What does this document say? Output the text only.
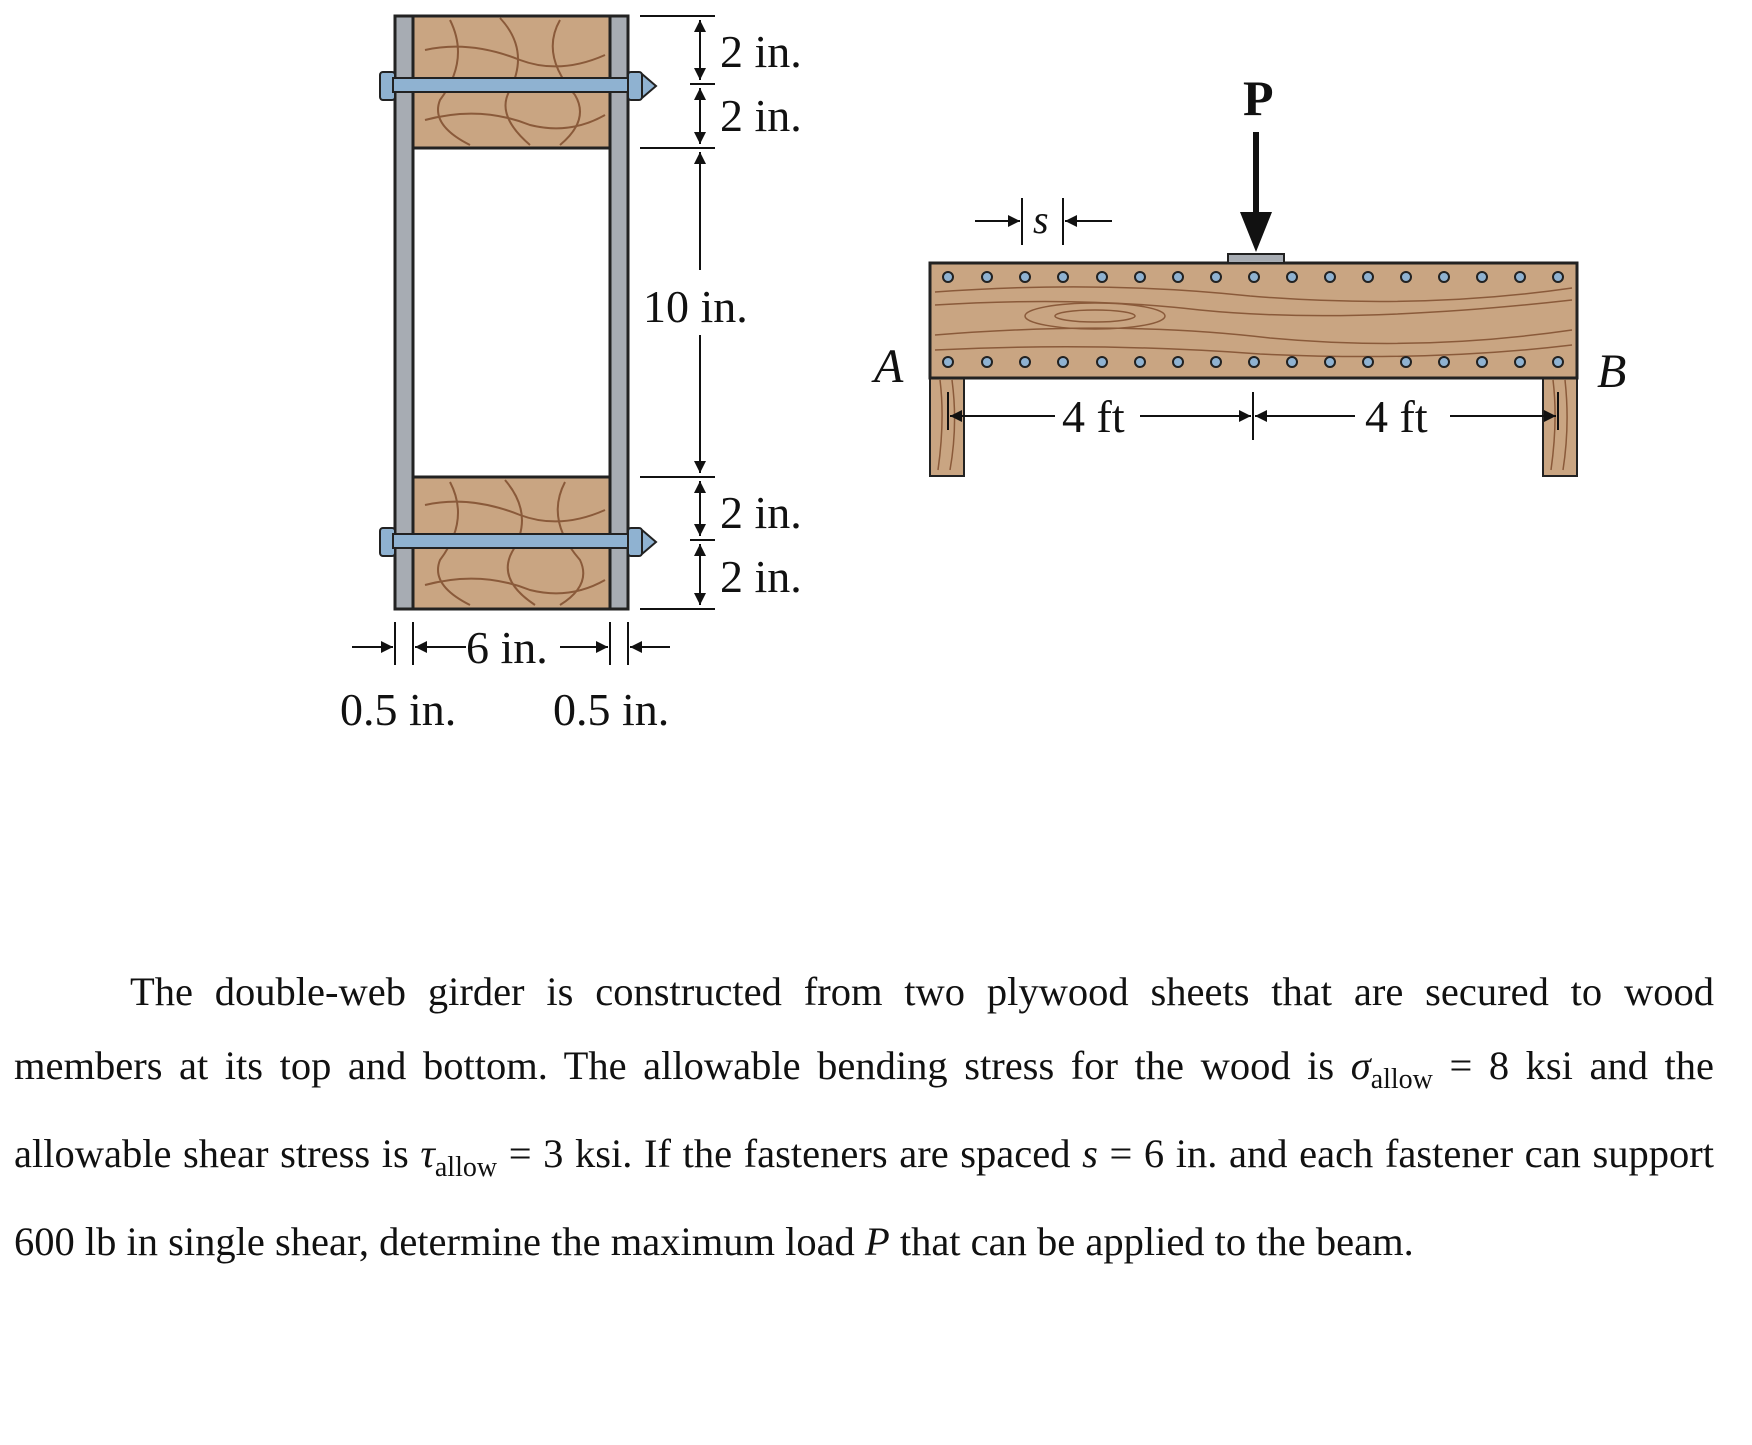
2 in.
2 in.
10 in.
2 in.
2 in.
6 in.
0.5 in. 0.5 in.
P
s
A	B
4 ft	4 ft

The double-web girder is constructed from two plywood sheets that are secured to wood members at its top and bottom. The allowable bending stress for the wood is $\sigma_{allow} = 8$ ksi and the allowable shear stress is $\tau_{allow} = 3$ ksi. If the fasteners are spaced s = 6 in. and each fastener can support 600 lb in single shear, determine the maximum load P that can be applied to the beam.
